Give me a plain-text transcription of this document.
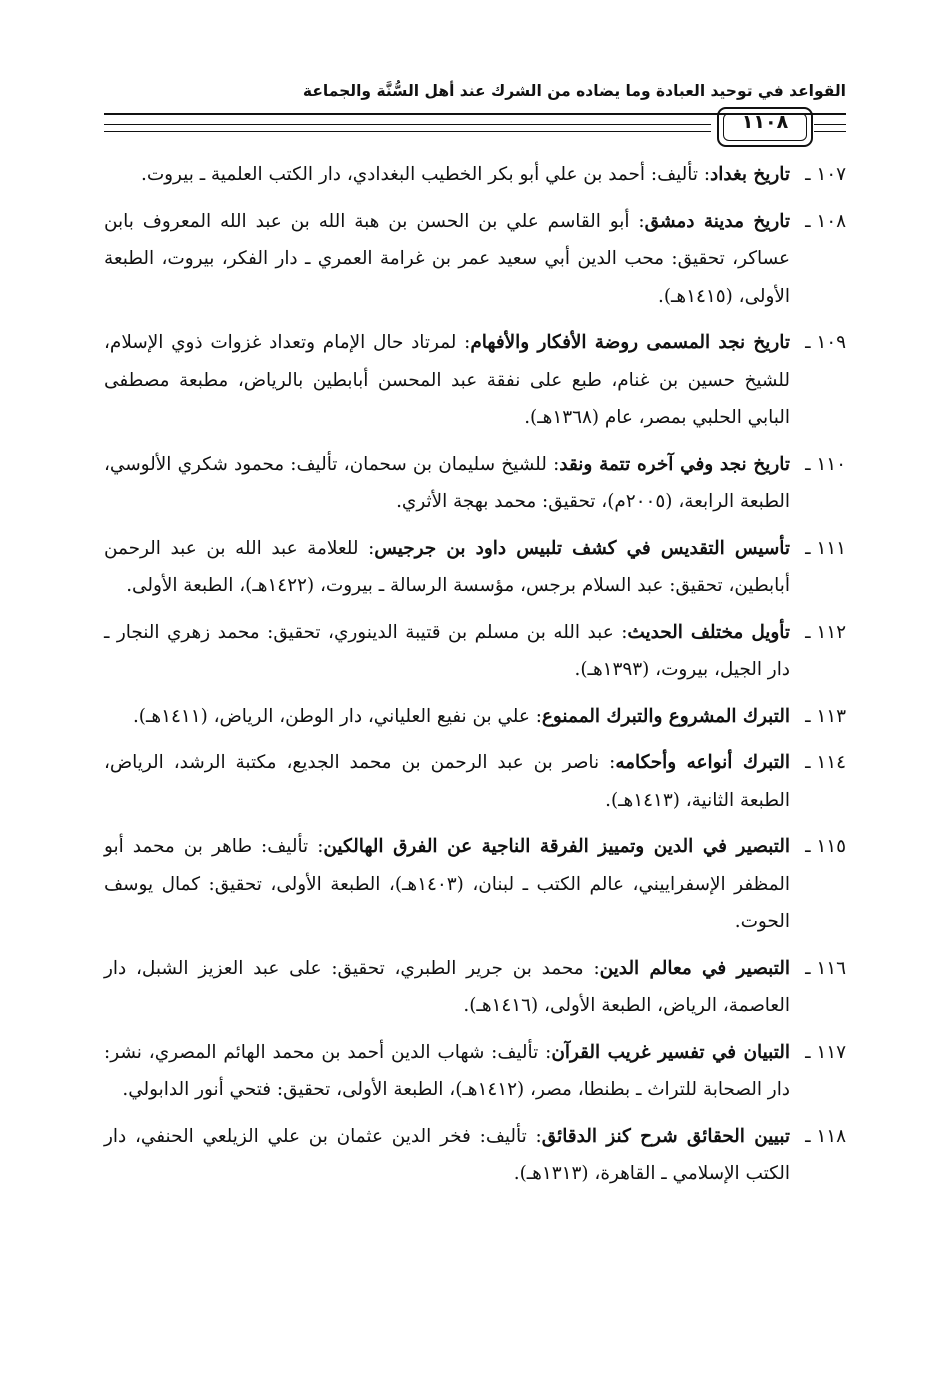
القواعد في توحيد العبادة وما يضاده من الشرك عند أهل السُّنَّة والجماعة
١١٠٨
١٠٧ ـ
تاريخ بغداد: تأليف: أحمد بن علي أبو بكر الخطيب البغدادي، دار الكتب العلمية ـ بيروت.
١٠٨ ـ
تاريخ مدينة دمشق: أبو القاسم علي بن الحسن بن هبة الله بن عبد الله المعروف بابن عساكر، تحقيق: محب الدين أبي سعيد عمر بن غرامة العمري ـ دار الفكر، بيروت، الطبعة الأولى، (١٤١٥هـ).
١٠٩ ـ
تاريخ نجد المسمى روضة الأفكار والأفهام: لمرتاد حال الإمام وتعداد غزوات ذوي الإسلام، للشيخ حسين بن غنام، طبع على نفقة عبد المحسن أبابطين بالرياض، مطبعة مصطفى البابي الحلبي بمصر، عام (١٣٦٨هـ).
١١٠ ـ
تاريخ نجد وفي آخره تتمة ونقد: للشيخ سليمان بن سحمان، تأليف: محمود شكري الألوسي، الطبعة الرابعة، (٢٠٠٥م)، تحقيق: محمد بهجة الأثري.
١١١ ـ
تأسيس التقديس في كشف تلبيس داود بن جرجيس: للعلامة عبد الله بن عبد الرحمن أبابطين، تحقيق: عبد السلام برجس، مؤسسة الرسالة ـ بيروت، (١٤٢٢هـ)، الطبعة الأولى.
١١٢ ـ
تأويل مختلف الحديث: عبد الله بن مسلم بن قتيبة الدينوري، تحقيق: محمد زهري النجار ـ دار الجيل، بيروت، (١٣٩٣هـ).
١١٣ ـ
التبرك المشروع والتبرك الممنوع: علي بن نفيع العلياني، دار الوطن، الرياض، (١٤١١هـ).
١١٤ ـ
التبرك أنواعه وأحكامه: ناصر بن عبد الرحمن بن محمد الجديع، مكتبة الرشد، الرياض، الطبعة الثانية، (١٤١٣هـ).
١١٥ ـ
التبصير في الدين وتمييز الفرقة الناجية عن الفرق الهالكين: تأليف: طاهر بن محمد أبو المظفر الإسفراييني، عالم الكتب ـ لبنان، (١٤٠٣هـ)، الطبعة الأولى، تحقيق: كمال يوسف الحوت.
١١٦ ـ
التبصير في معالم الدين: محمد بن جرير الطبري، تحقيق: على عبد العزيز الشبل، دار العاصمة، الرياض، الطبعة الأولى، (١٤١٦هـ).
١١٧ ـ
التبيان في تفسير غريب القرآن: تأليف: شهاب الدين أحمد بن محمد الهائم المصري، نشر: دار الصحابة للتراث ـ بطنطا، مصر، (١٤١٢هـ)، الطبعة الأولى، تحقيق: فتحي أنور الدابولي.
١١٨ ـ
تبيين الحقائق شرح كنز الدقائق: تأليف: فخر الدين عثمان بن علي الزيلعي الحنفي، دار الكتب الإسلامي ـ القاهرة، (١٣١٣هـ).
